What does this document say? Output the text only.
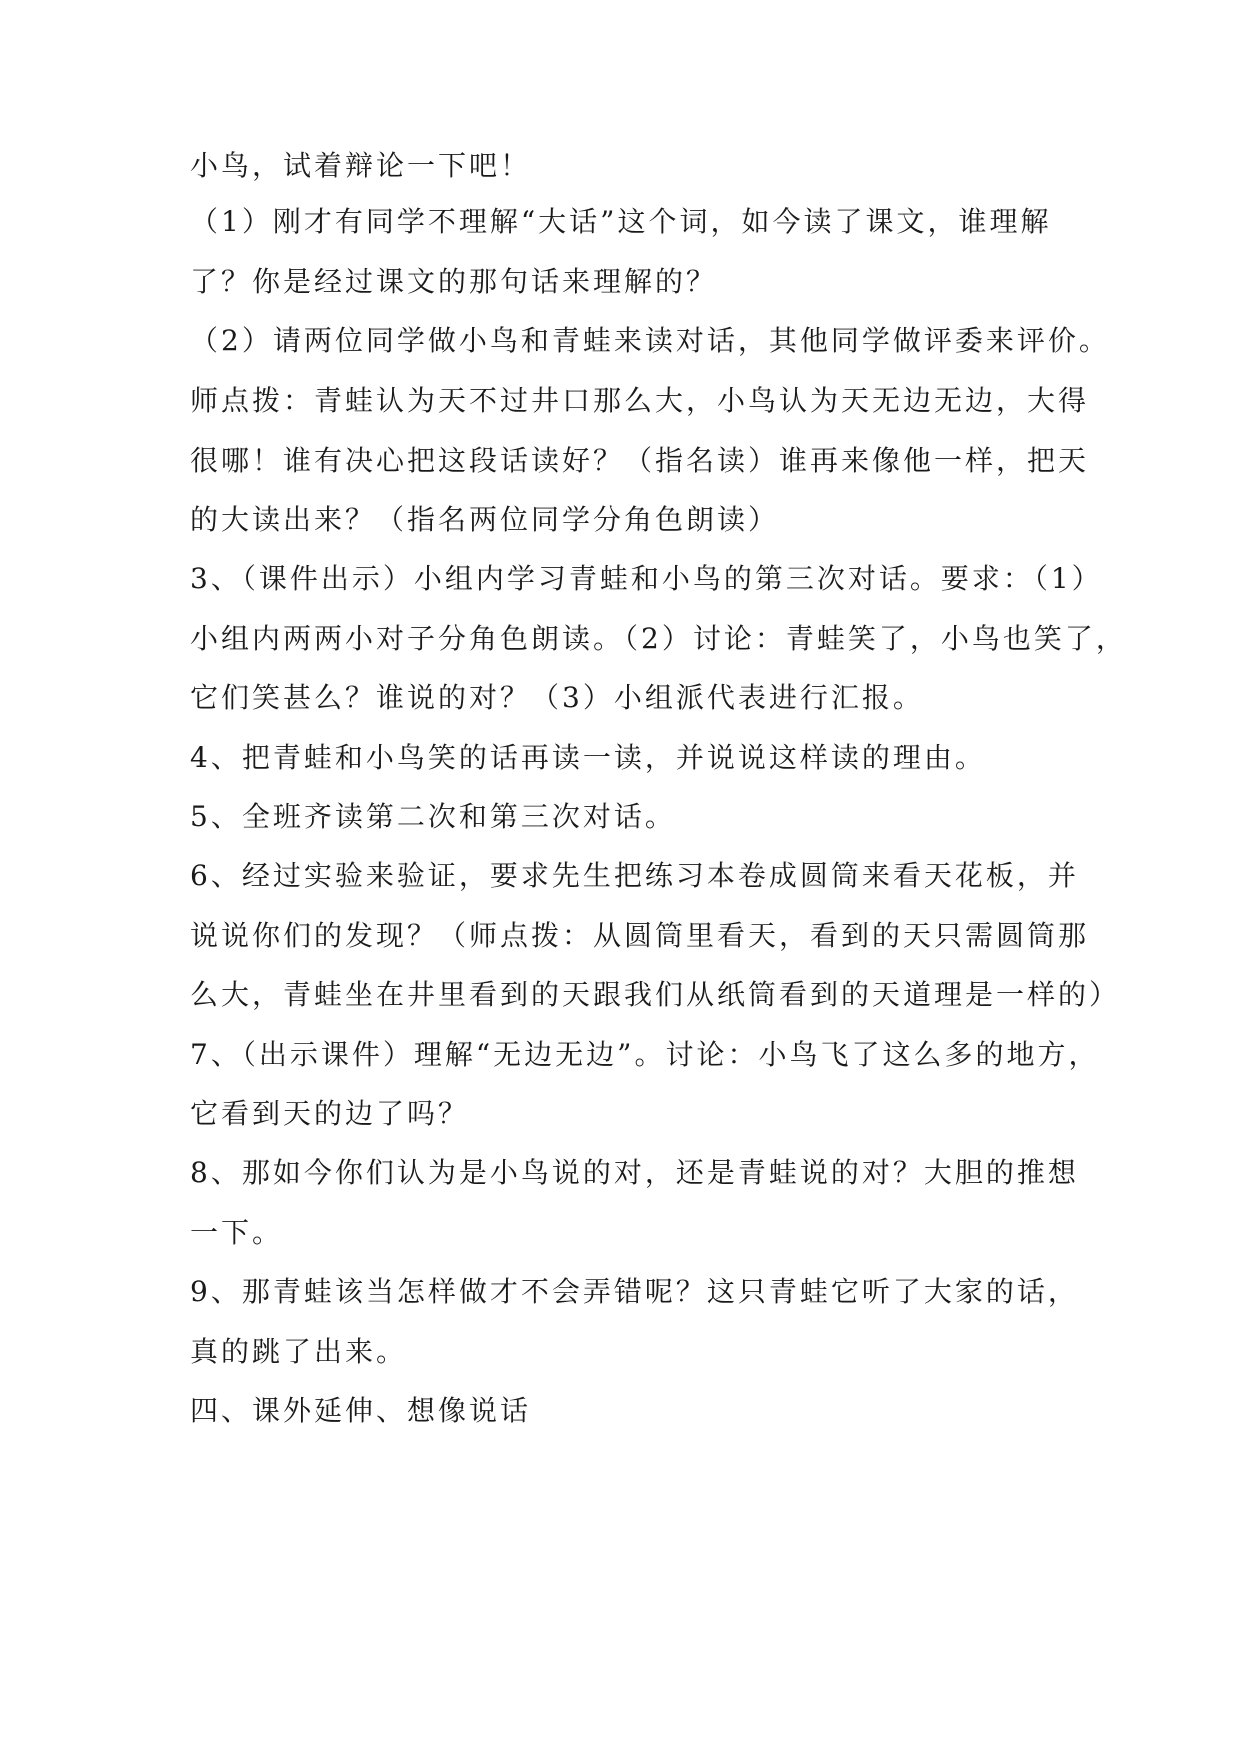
小鸟，试着辩论一下吧！
（1）刚才有同学不理解“大话”这个词，如今读了课文，谁理解
了？你是经过课文的那句话来理解的？
（2）请两位同学做小鸟和青蛙来读对话，其他同学做评委来评价。
师点拨：青蛙认为天不过井口那么大，小鸟认为天无边无边，大得
很哪！谁有决心把这段话读好？（指名读）谁再来像他一样，把天
的大读出来？（指名两位同学分角色朗读）
3、（课件出示）小组内学习青蛙和小鸟的第三次对话。要求：（1）
小组内两两小对子分角色朗读。（2）讨论：青蛙笑了，小鸟也笑了，
它们笑甚么？谁说的对？（3）小组派代表进行汇报。
4、把青蛙和小鸟笑的话再读一读，并说说这样读的理由。
5、全班齐读第二次和第三次对话。
6、经过实验来验证，要求先生把练习本卷成圆筒来看天花板，并
说说你们的发现？（师点拨：从圆筒里看天，看到的天只需圆筒那
么大，青蛙坐在井里看到的天跟我们从纸筒看到的天道理是一样的）
7、（出示课件）理解“无边无边”。讨论：小鸟飞了这么多的地方，
它看到天的边了吗？
8、那如今你们认为是小鸟说的对，还是青蛙说的对？大胆的推想
一下。
9、那青蛙该当怎样做才不会弄错呢？这只青蛙它听了大家的话，
真的跳了出来。
四、课外延伸、想像说话
